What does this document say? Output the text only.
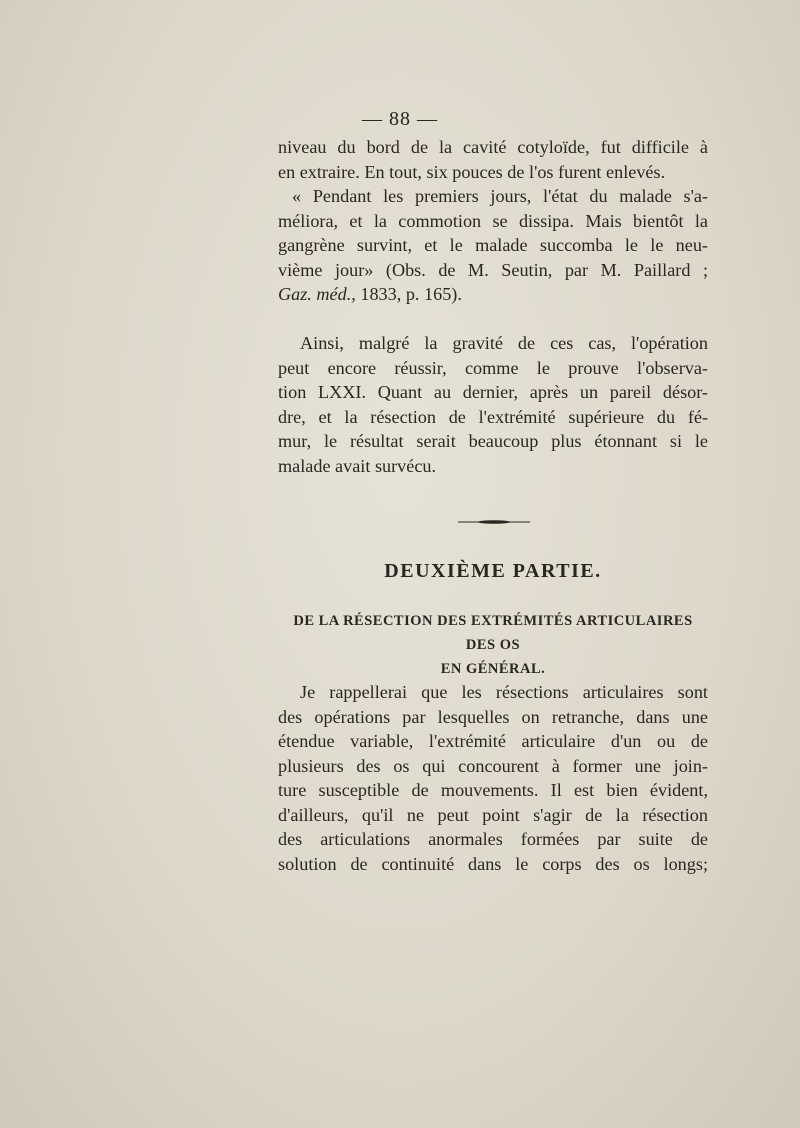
— 88 —
niveau du bord de la cavité cotyloïde, fut difficile à
en extraire. En tout, six pouces de l'os furent enlevés.
« Pendant les premiers jours, l'état du malade s'a-
méliora, et la commotion se dissipa. Mais bientôt la
gangrène survint, et le malade succomba le le neu-
vième jour» (Obs. de M. Seutin, par M. Paillard ;
Gaz. méd., 1833, p. 165).
Ainsi, malgré la gravité de ces cas, l'opération
peut encore réussir, comme le prouve l'observa-
tion LXXI. Quant au dernier, après un pareil désor-
dre, et la résection de l'extrémité supérieure du fé-
mur, le résultat serait beaucoup plus étonnant si le
malade avait survécu.
DEUXIÈME PARTIE.
DE LA RÉSECTION DES EXTRÉMITÉS ARTICULAIRES DES OS
EN GÉNÉRAL.
Je rappellerai que les résections articulaires sont
des opérations par lesquelles on retranche, dans une
étendue variable, l'extrémité articulaire d'un ou de
plusieurs des os qui concourent à former une join-
ture susceptible de mouvements. Il est bien évident,
d'ailleurs, qu'il ne peut point s'agir de la résection
des articulations anormales formées par suite de
solution de continuité dans le corps des os longs;
